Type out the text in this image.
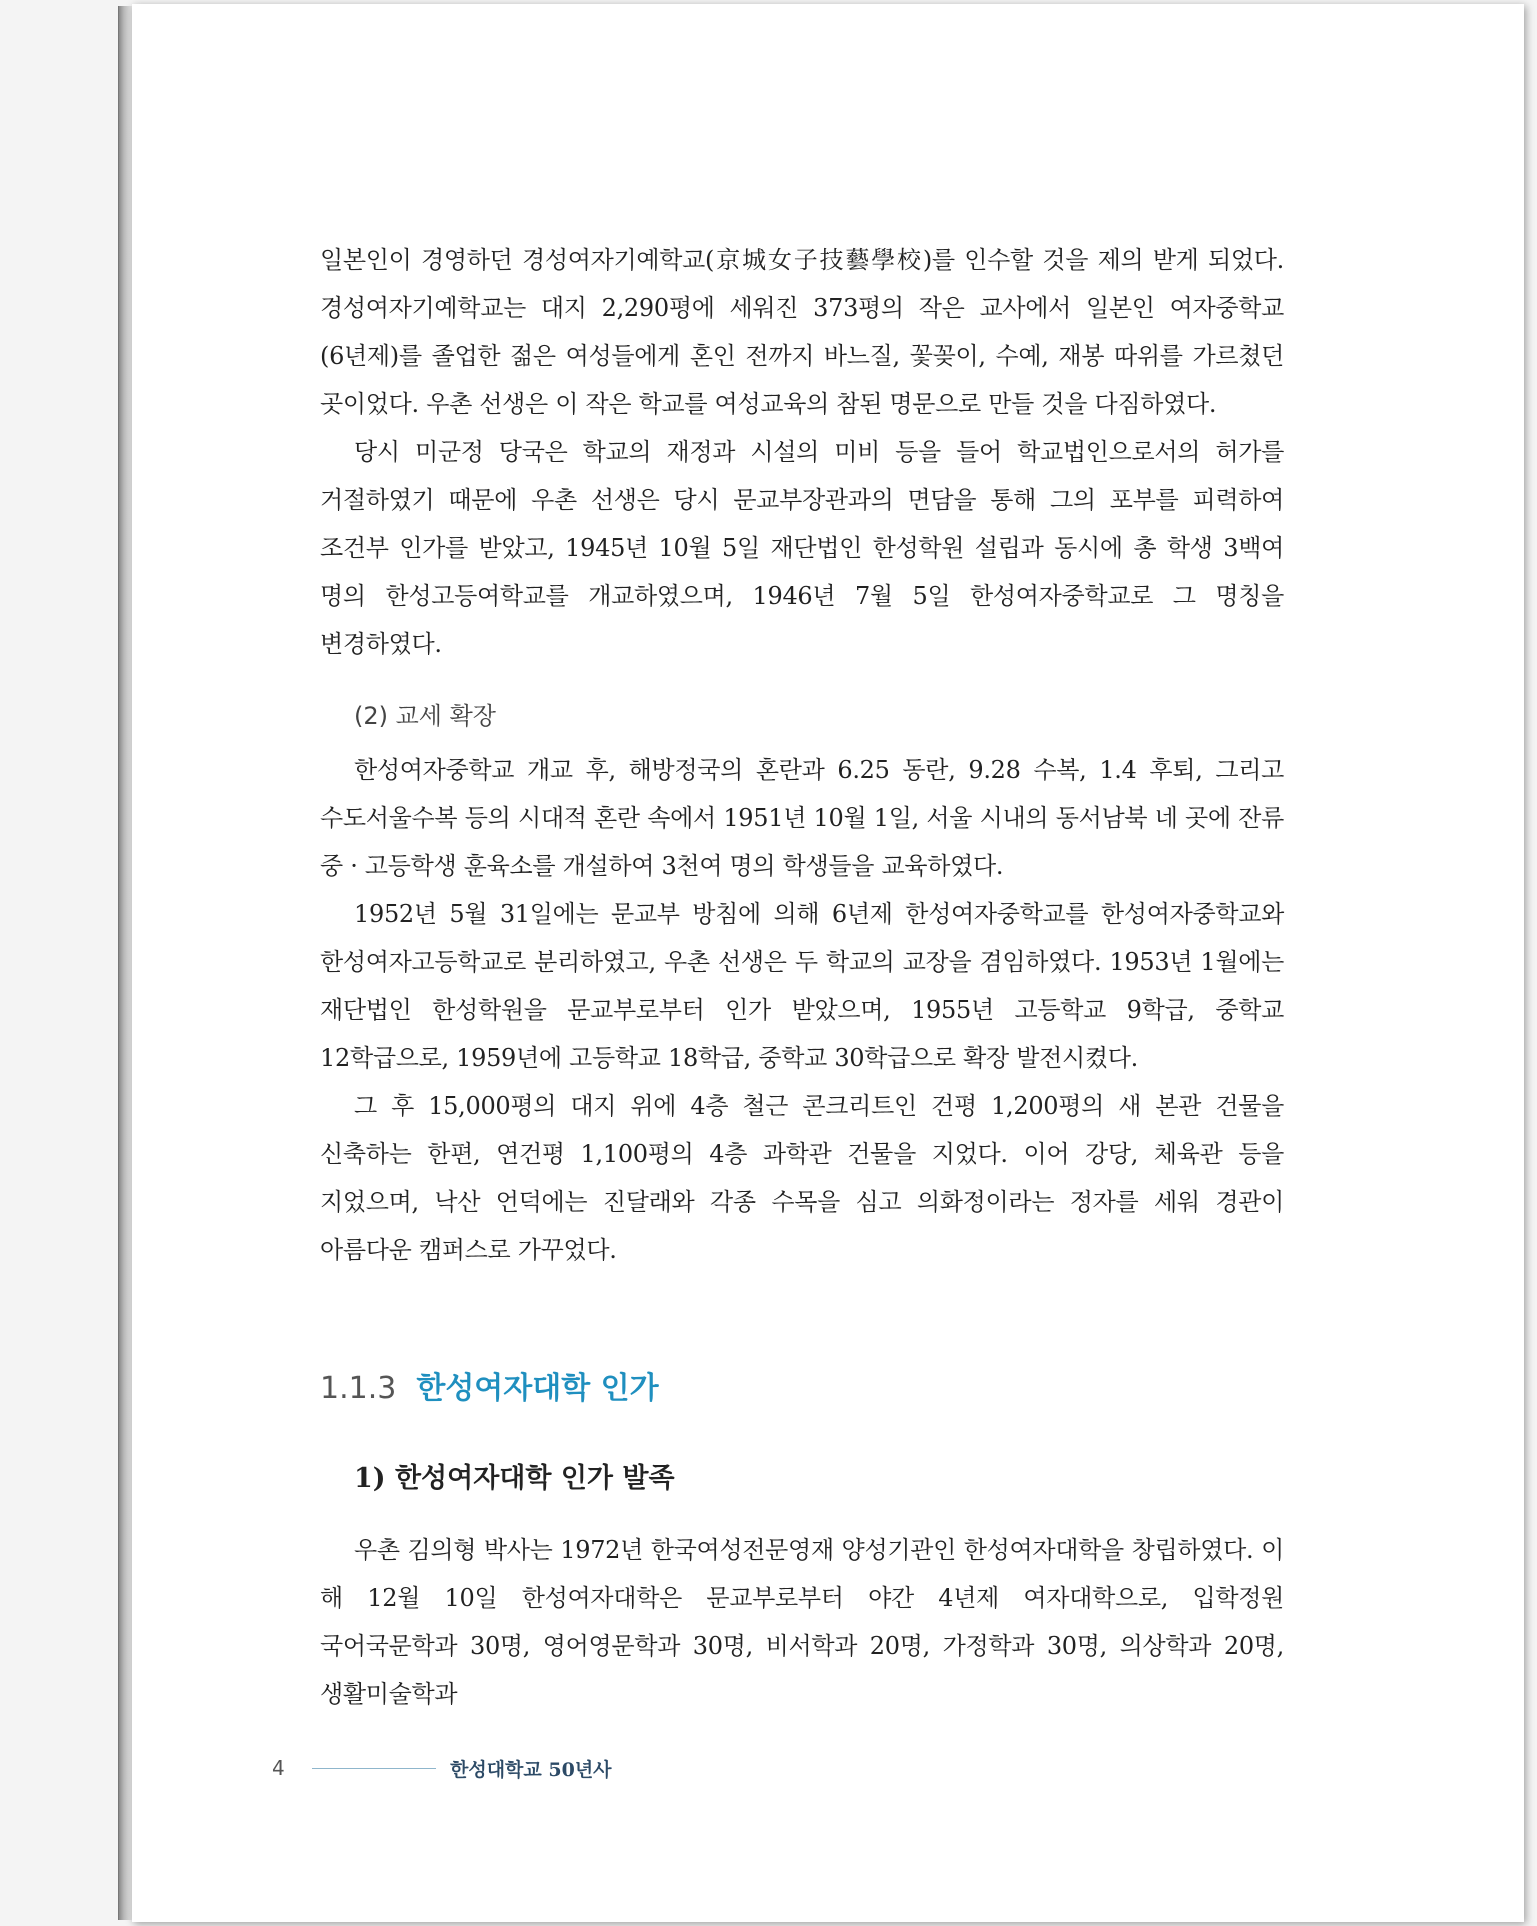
일본인이 경영하던 경성여자기예학교(京城女子技藝學校)를 인수할 것을 제의 받게 되었다. 경성여자기예학교는 대지 2,290평에 세워진 373평의 작은 교사에서 일본인 여자중학교(6년제)를 졸업한 젊은 여성들에게 혼인 전까지 바느질, 꽃꽂이, 수예, 재봉 따위를 가르쳤던 곳이었다. 우촌 선생은 이 작은 학교를 여성교육의 참된 명문으로 만들 것을 다짐하였다.

당시 미군정 당국은 학교의 재정과 시설의 미비 등을 들어 학교법인으로서의 허가를 거절하였기 때문에 우촌 선생은 당시 문교부장관과의 면담을 통해 그의 포부를 피력하여 조건부 인가를 받았고, 1945년 10월 5일 재단법인 한성학원 설립과 동시에 총 학생 3백여 명의 한성고등여학교를 개교하였으며, 1946년 7월 5일 한성여자중학교로 그 명칭을 변경하였다.

(2) 교세 확장

한성여자중학교 개교 후, 해방정국의 혼란과 6.25 동란, 9.28 수복, 1.4 후퇴, 그리고 수도서울수복 등의 시대적 혼란 속에서 1951년 10월 1일, 서울 시내의 동서남북 네 곳에 잔류 중 · 고등학생 훈육소를 개설하여 3천여 명의 학생들을 교육하였다.

1952년 5월 31일에는 문교부 방침에 의해 6년제 한성여자중학교를 한성여자중학교와 한성여자고등학교로 분리하였고, 우촌 선생은 두 학교의 교장을 겸임하였다. 1953년 1월에는 재단법인 한성학원을 문교부로부터 인가 받았으며, 1955년 고등학교 9학급, 중학교 12학급으로, 1959년에 고등학교 18학급, 중학교 30학급으로 확장 발전시켰다.

그 후 15,000평의 대지 위에 4층 철근 콘크리트인 건평 1,200평의 새 본관 건물을 신축하는 한편, 연건평 1,100평의 4층 과학관 건물을 지었다. 이어 강당, 체육관 등을 지었으며, 낙산 언덕에는 진달래와 각종 수목을 심고 의화정이라는 정자를 세워 경관이 아름다운 캠퍼스로 가꾸었다.

1.1.3 한성여자대학 인가
1) 한성여자대학 인가 발족

우촌 김의형 박사는 1972년 한국여성전문영재 양성기관인 한성여자대학을 창립하였다. 이 해 12월 10일 한성여자대학은 문교부로부터 야간 4년제 여자대학으로, 입학정원 국어국문학과 30명, 영어영문학과 30명, 비서학과 20명, 가정학과 30명, 의상학과 20명, 생활미술학과

4	한성대학교 50년사
